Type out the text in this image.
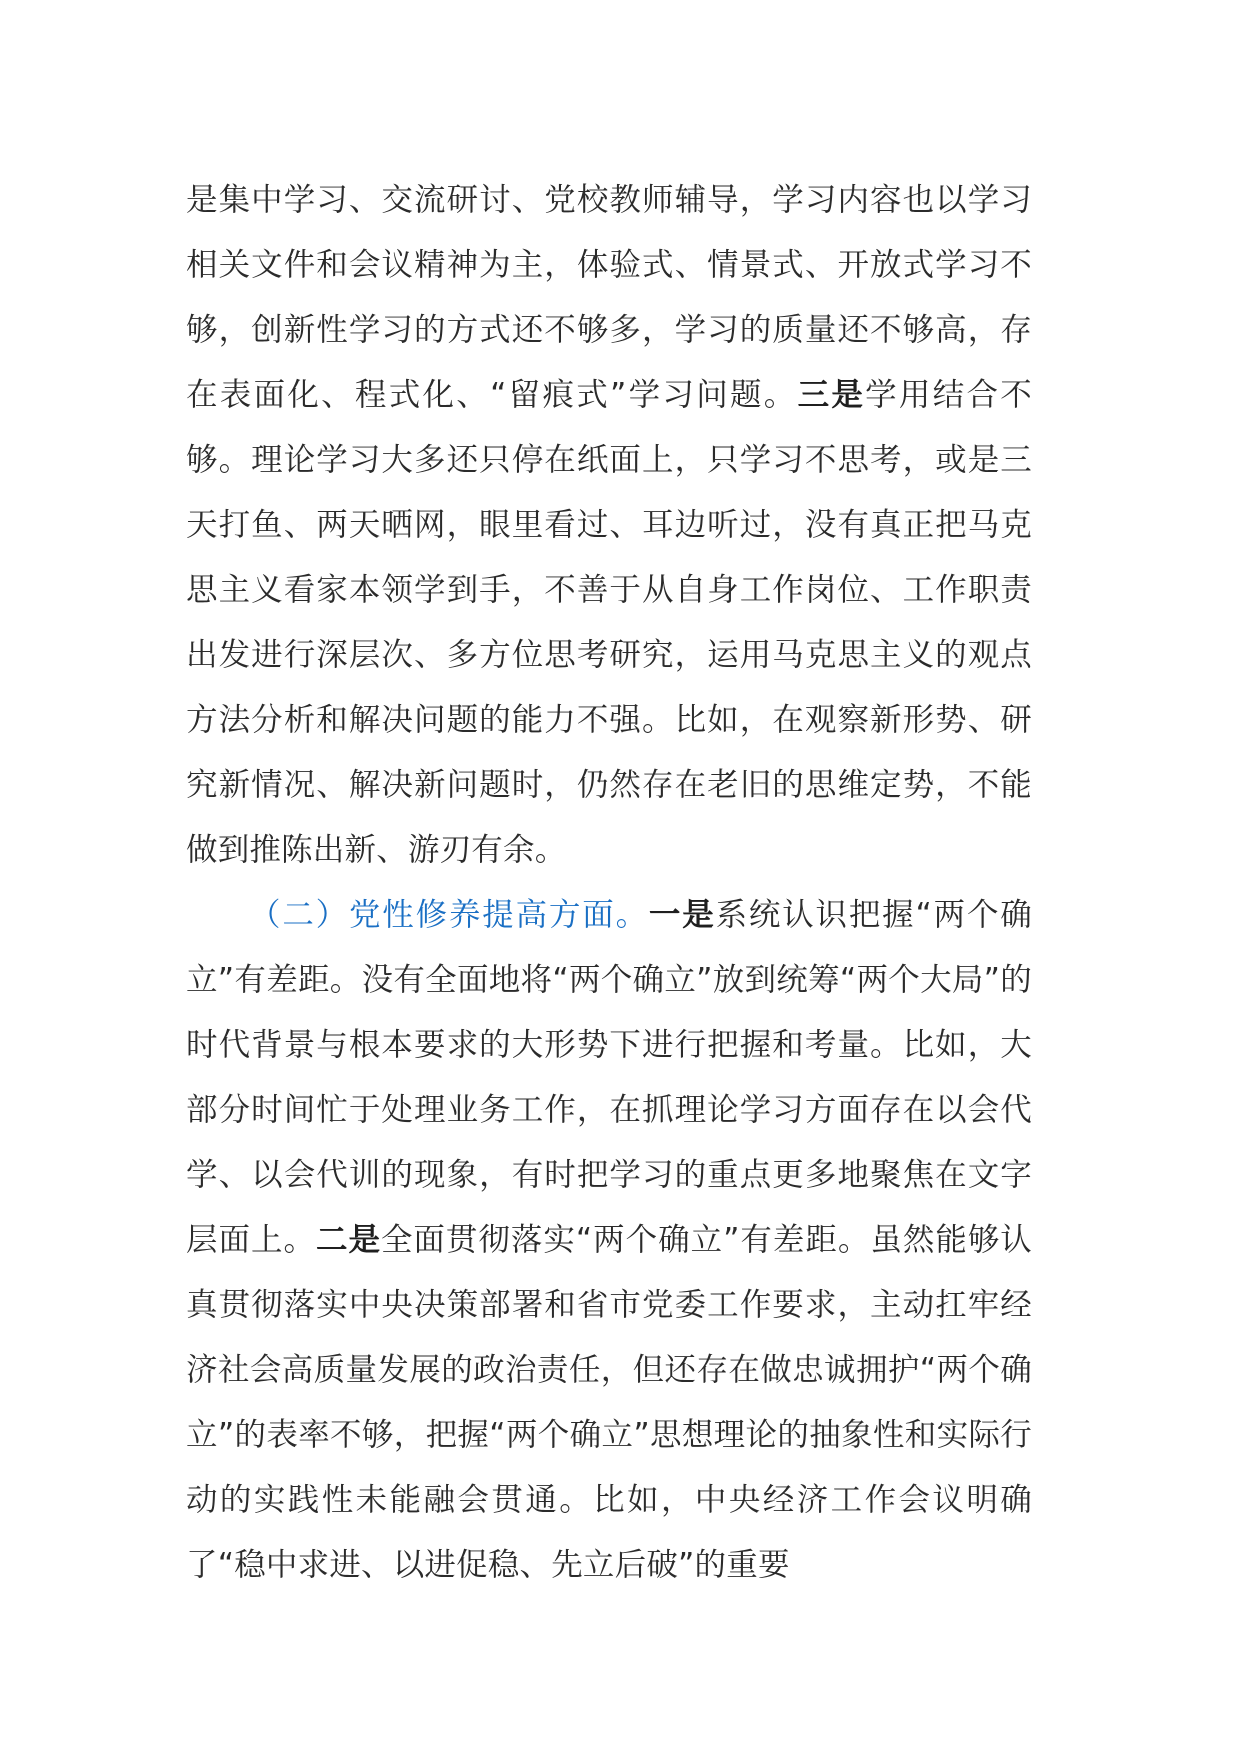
是集中学习、交流研讨、党校教师辅导，学习内容也以学习相关文件和会议精神为主，体验式、情景式、开放式学习不够，创新性学习的方式还不够多，学习的质量还不够高，存在表面化、程式化、“留痕式”学习问题。三是学用结合不够。理论学习大多还只停在纸面上，只学习不思考，或是三天打鱼、两天晒网，眼里看过、耳边听过，没有真正把马克思主义看家本领学到手，不善于从自身工作岗位、工作职责出发进行深层次、多方位思考研究，运用马克思主义的观点方法分析和解决问题的能力不强。比如，在观察新形势、研究新情况、解决新问题时，仍然存在老旧的思维定势，不能做到推陈出新、游刃有余。

（二）党性修养提高方面。一是系统认识把握“两个确立”有差距。没有全面地将“两个确立”放到统筹“两个大局”的时代背景与根本要求的大形势下进行把握和考量。比如，大部分时间忙于处理业务工作，在抓理论学习方面存在以会代学、以会代训的现象，有时把学习的重点更多地聚焦在文字层面上。二是全面贯彻落实“两个确立”有差距。虽然能够认真贯彻落实中央决策部署和省市党委工作要求，主动扛牢经济社会高质量发展的政治责任，但还存在做忠诚拥护“两个确立”的表率不够，把握“两个确立”思想理论的抽象性和实际行动的实践性未能融会贯通。比如，中央经济工作会议明确了“稳中求进、以进促稳、先立后破”的重要
